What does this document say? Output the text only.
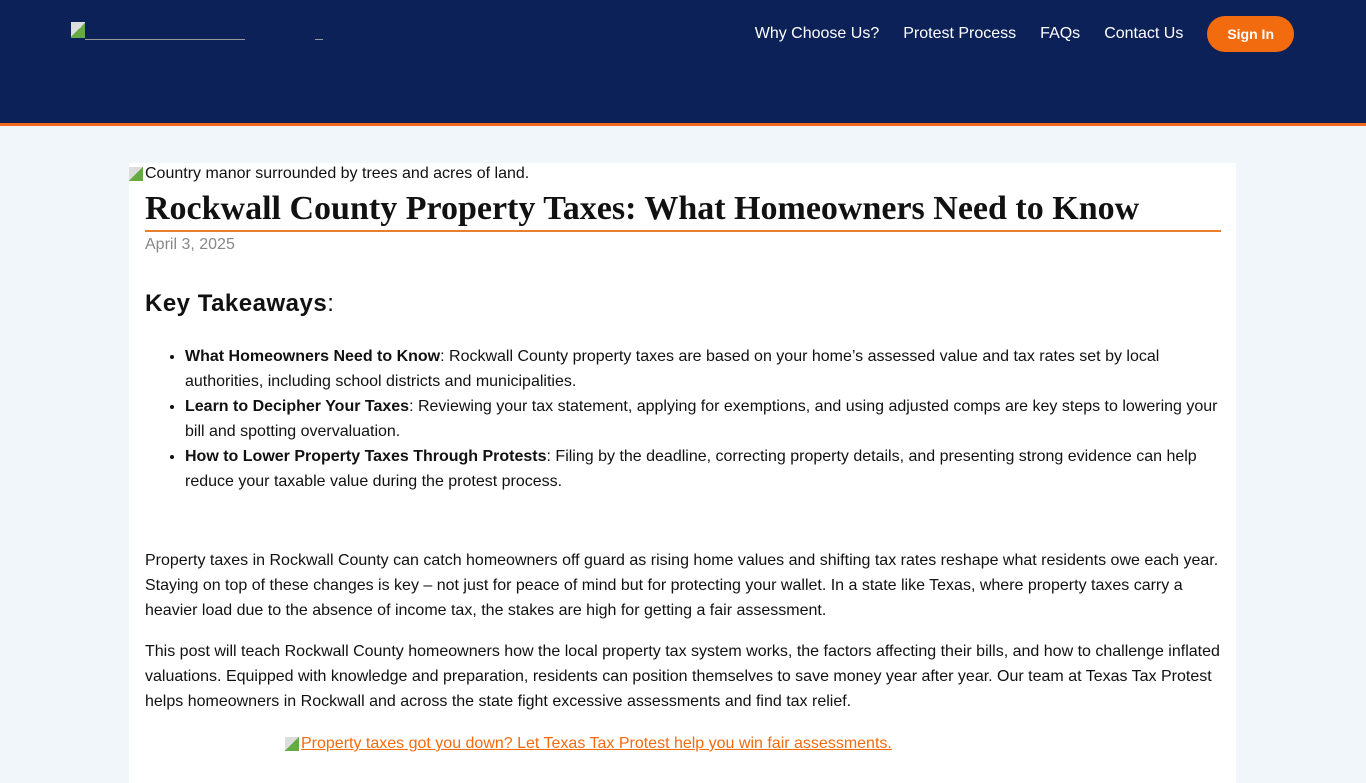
Why Choose Us? Protest Process FAQs Contact Us	Sign In
Country manor surrounded by trees and acres of land.
Rockwall County Property Taxes: What Homeowners Need to Know
April 3, 2025
Key Takeaways:
• What Homeowners Need to Know: Rockwall County property taxes are based on your home’s assessed value and tax rates set by local authorities, including school districts and municipalities.
• Learn to Decipher Your Taxes: Reviewing your tax statement, applying for exemptions, and using adjusted comps are key steps to lowering your bill and spotting overvaluation.
• How to Lower Property Taxes Through Protests: Filing by the deadline, correcting property details, and presenting strong evidence can help reduce your taxable value during the protest process.

Property taxes in Rockwall County can catch homeowners off guard as rising home values and shifting tax rates reshape what residents owe each year. Staying on top of these changes is key – not just for peace of mind but for protecting your wallet. In a state like Texas, where property taxes carry a heavier load due to the absence of income tax, the stakes are high for getting a fair assessment.

This post will teach Rockwall County homeowners how the local property tax system works, the factors affecting their bills, and how to challenge inflated valuations. Equipped with knowledge and preparation, residents can position themselves to save money year after year. Our team at Texas Tax Protest helps homeowners in Rockwall and across the state fight excessive assessments and find tax relief.

Property taxes got you down? Let Texas Tax Protest help you win fair assessments.
